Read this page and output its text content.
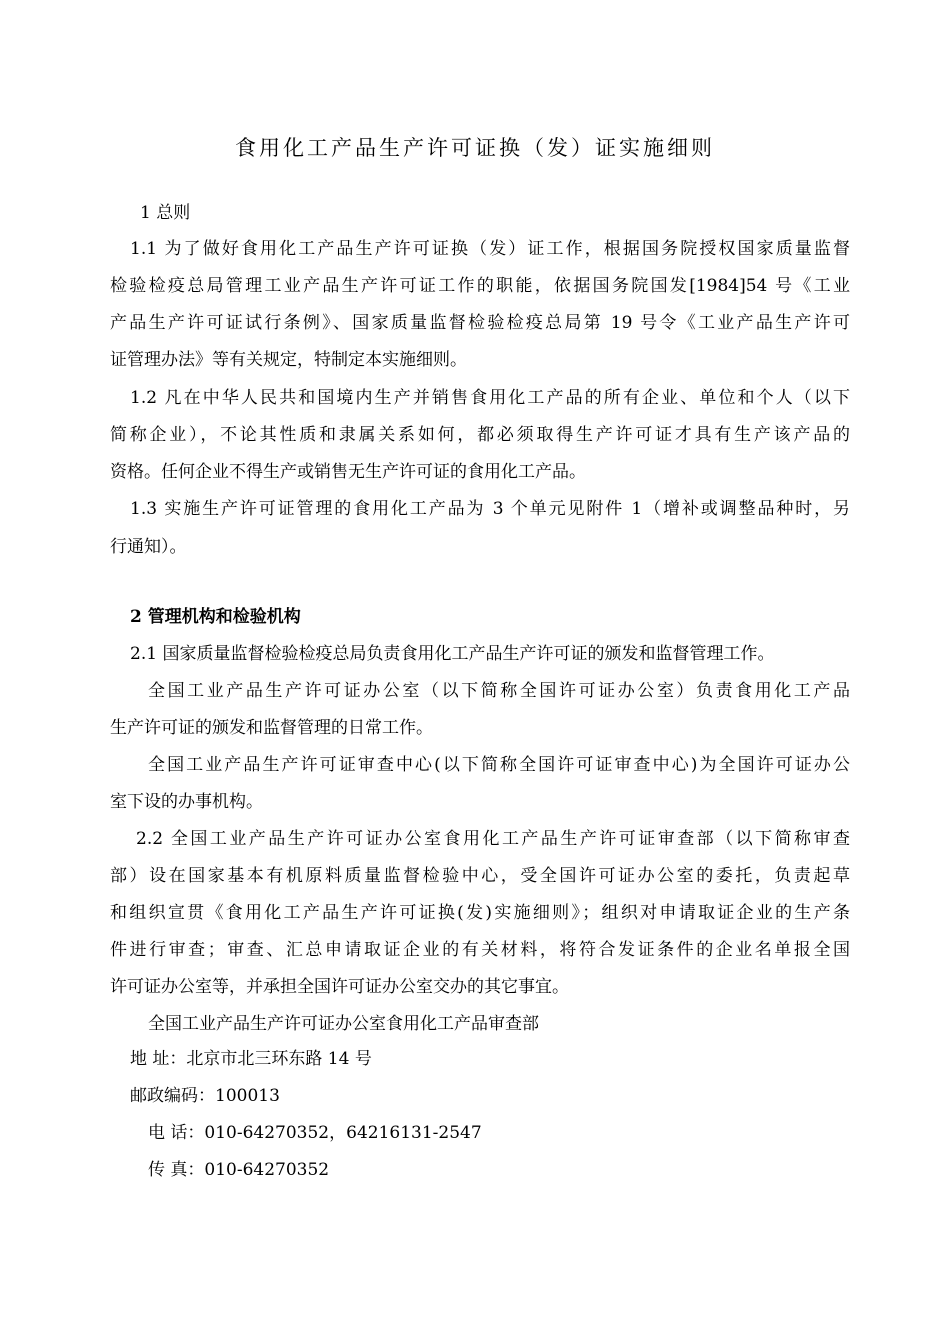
食用化工产品生产许可证换（发）证实施细则
1 总则
1.1 为了做好食用化工产品生产许可证换（发）证工作，根据国务院授权国家质量监督
检验检疫总局管理工业产品生产许可证工作的职能，依据国务院国发[1984]54 号《工业
产品生产许可证试行条例》、国家质量监督检验检疫总局第 19 号令《工业产品生产许可
证管理办法》等有关规定，特制定本实施细则。
1.2 凡在中华人民共和国境内生产并销售食用化工产品的所有企业、单位和个人（以下
简称企业），不论其性质和隶属关系如何，都必须取得生产许可证才具有生产该产品的
资格。任何企业不得生产或销售无生产许可证的食用化工产品。
1.3 实施生产许可证管理的食用化工产品为 3 个单元见附件 1（增补或调整品种时，另
行通知）。
2 管理机构和检验机构
2.1 国家质量监督检验检疫总局负责食用化工产品生产许可证的颁发和监督管理工作。
全国工业产品生产许可证办公室（以下简称全国许可证办公室）负责食用化工产品
生产许可证的颁发和监督管理的日常工作。
全国工业产品生产许可证审查中心(以下简称全国许可证审查中心)为全国许可证办公
室下设的办事机构。
2.2 全国工业产品生产许可证办公室食用化工产品生产许可证审查部（以下简称审查
部）设在国家基本有机原料质量监督检验中心，受全国许可证办公室的委托，负责起草
和组织宣贯《食用化工产品生产许可证换(发)实施细则》；组织对申请取证企业的生产条
件进行审查；审查、汇总申请取证企业的有关材料，将符合发证条件的企业名单报全国
许可证办公室等，并承担全国许可证办公室交办的其它事宜。
全国工业产品生产许可证办公室食用化工产品审查部
地 址：北京市北三环东路 14 号
邮政编码：100013
电 话：010-64270352，64216131-2547
传 真：010-64270352
